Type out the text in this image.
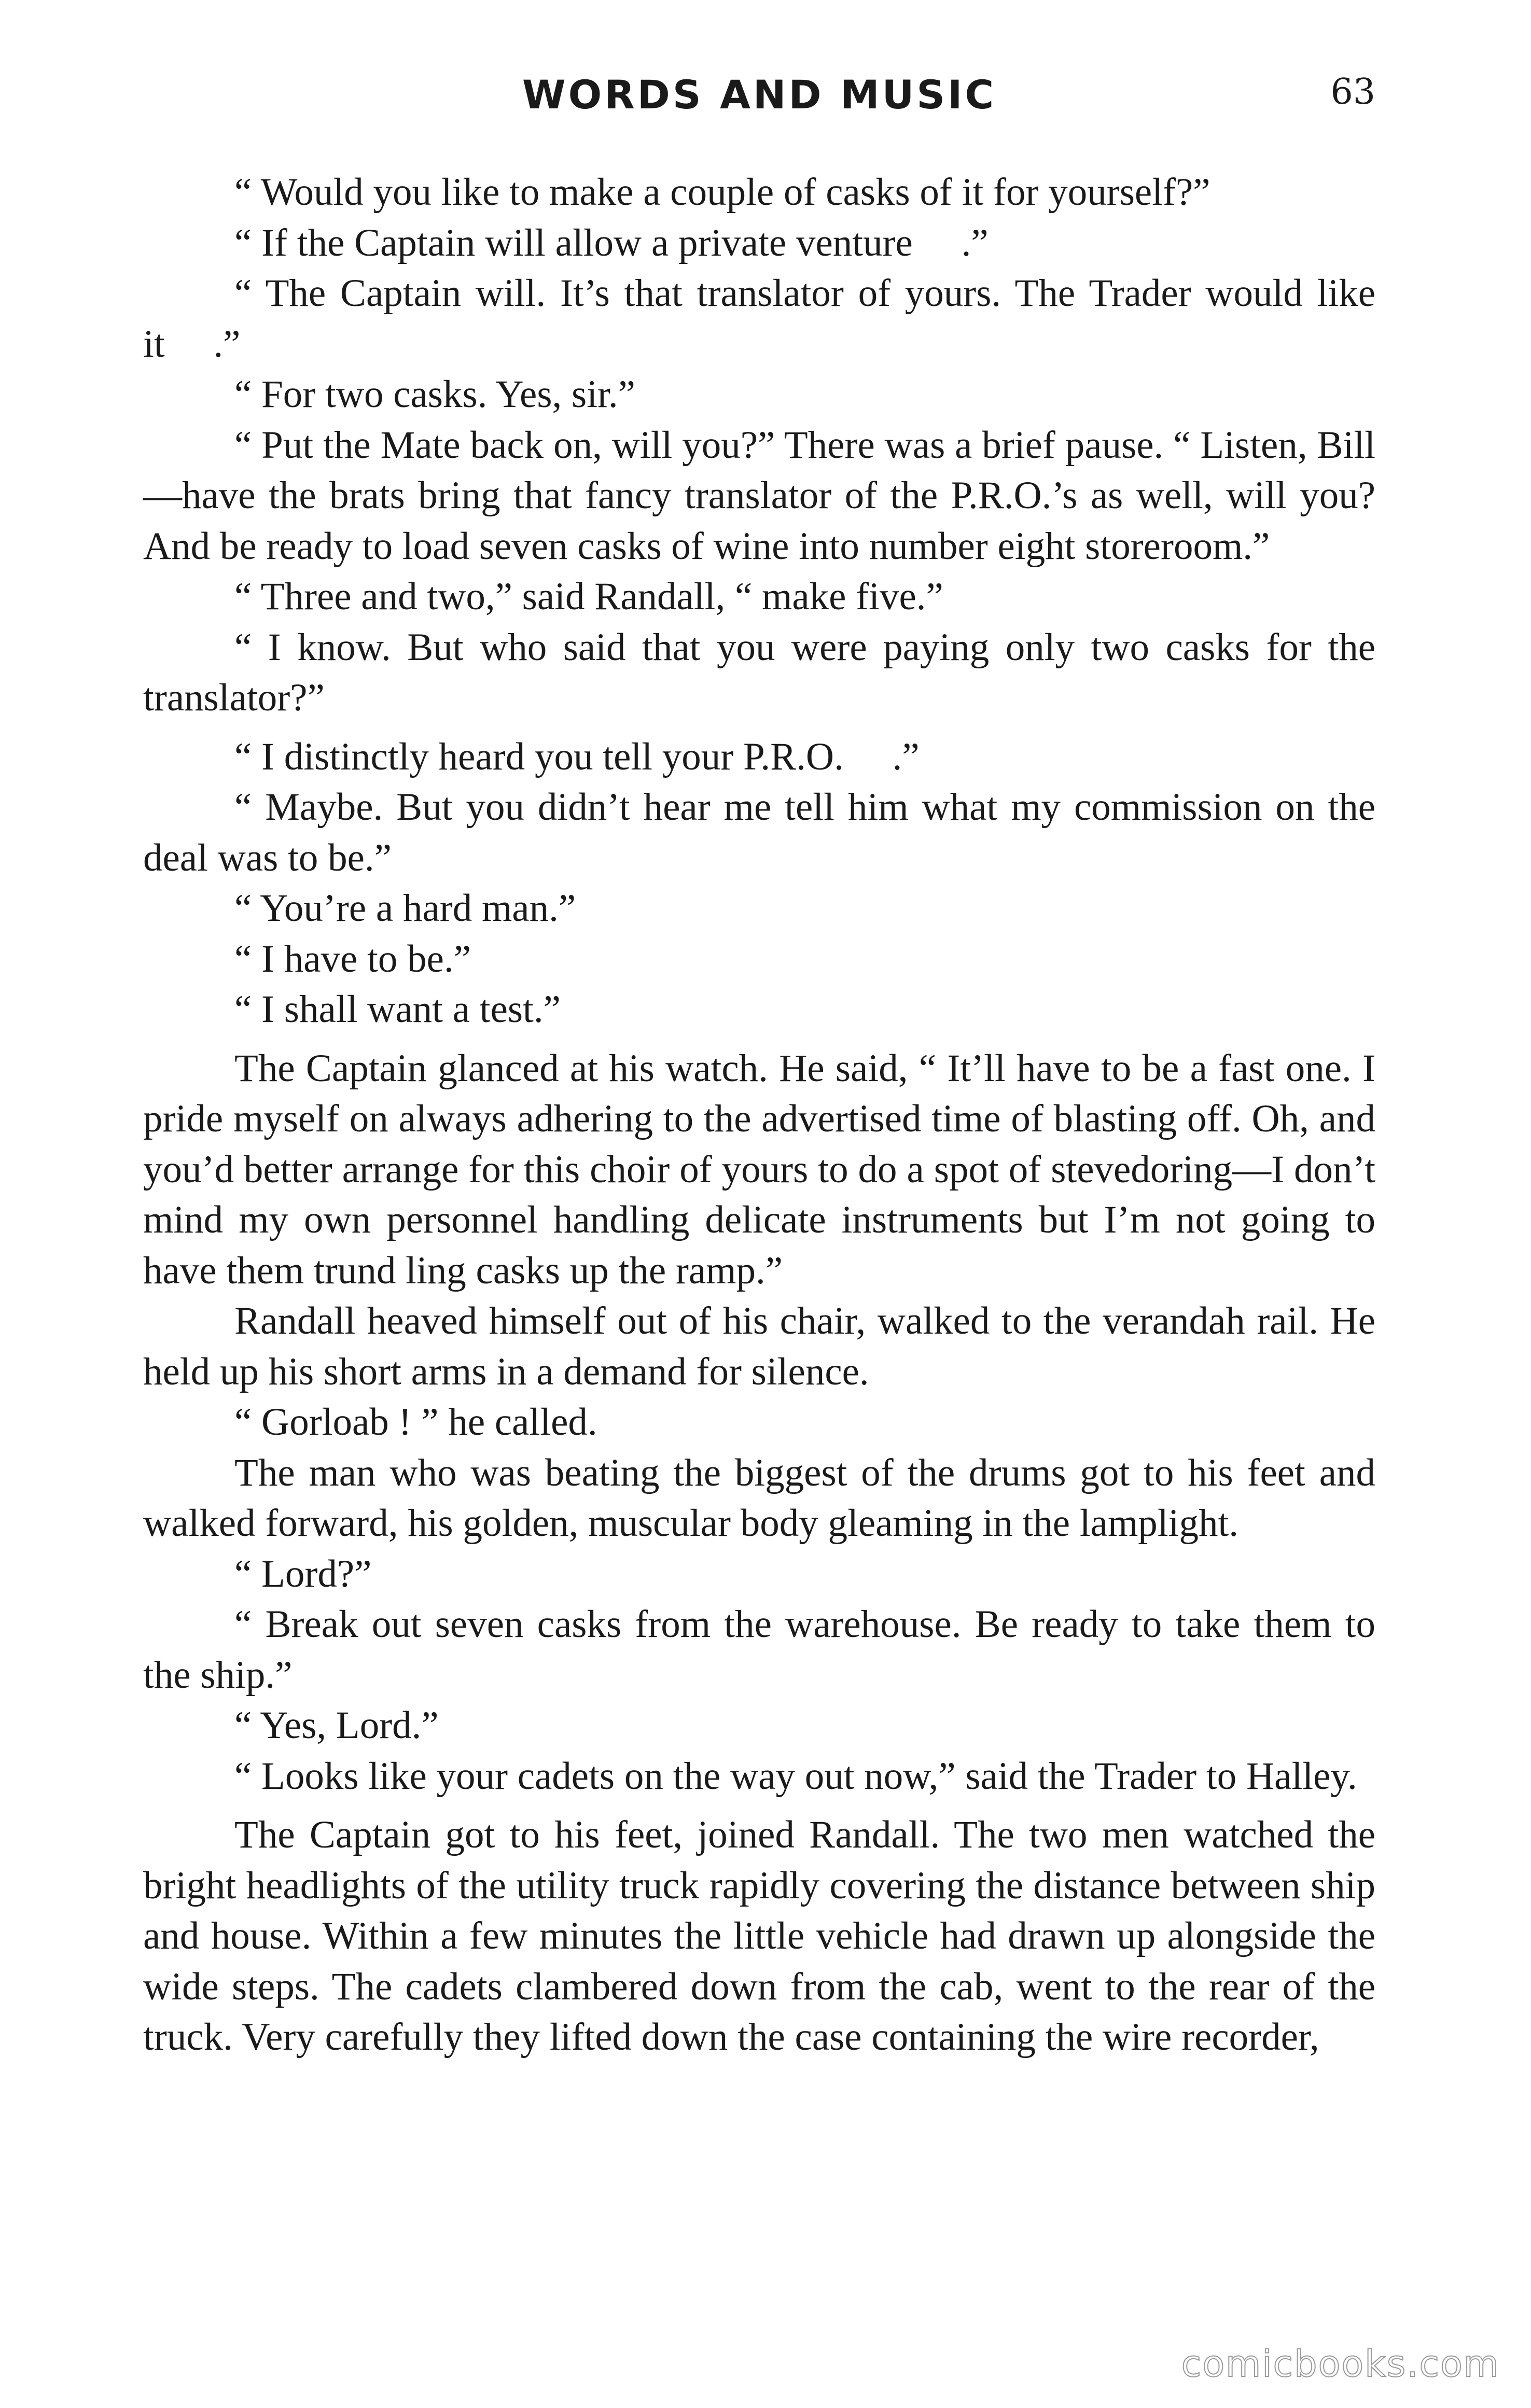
WORDS AND MUSIC	63

“ Would you like to make a couple of casks of it for yourself?”

“ If the Captain will allow a private venture  .”

“ The Captain will. It’s that translator of yours. The Trader would like it  .”

“ For two casks. Yes, sir.”

“ Put the Mate back on, will you?” There was a brief pause. “ Listen, Bill—have the brats bring that fancy translator of the P.R.O.’s as well, will you? And be ready to load seven casks of wine into number eight storeroom.”

“ Three and two,” said Randall, “ make five.”

“ I know. But who said that you were paying only two casks for the translator?”

“ I distinctly heard you tell your P.R.O.  .”

“ Maybe. But you didn’t hear me tell him what my commission on the deal was to be.”

“ You’re a hard man.”

“ I have to be.”

“ I shall want a test.”

The Captain glanced at his watch. He said, “ It’ll have to be a fast one. I pride myself on always adhering to the advertised time of blasting off. Oh, and you’d better arrange for this choir of yours to do a spot of stevedoring—I don’t mind my own personnel handling delicate instruments but I’m not going to have them trund ling casks up the ramp.”

Randall heaved himself out of his chair, walked to the verandah rail. He held up his short arms in a demand for silence.

“ Gorloab ! ” he called.

The man who was beating the biggest of the drums got to his feet and walked forward, his golden, muscular body gleaming in the lamplight.

“ Lord?”

“ Break out seven casks from the warehouse. Be ready to take them to the ship.”

“ Yes, Lord.”

“ Looks like your cadets on the way out now,” said the Trader to Halley.

The Captain got to his feet, joined Randall. The two men watched the bright headlights of the utility truck rapidly covering the distance between ship and house. Within a few minutes the little vehicle had drawn up alongside the wide steps. The cadets clambered down from the cab, went to the rear of the truck. Very carefully they lifted down the case containing the wire recorder,

comicbooks.com
